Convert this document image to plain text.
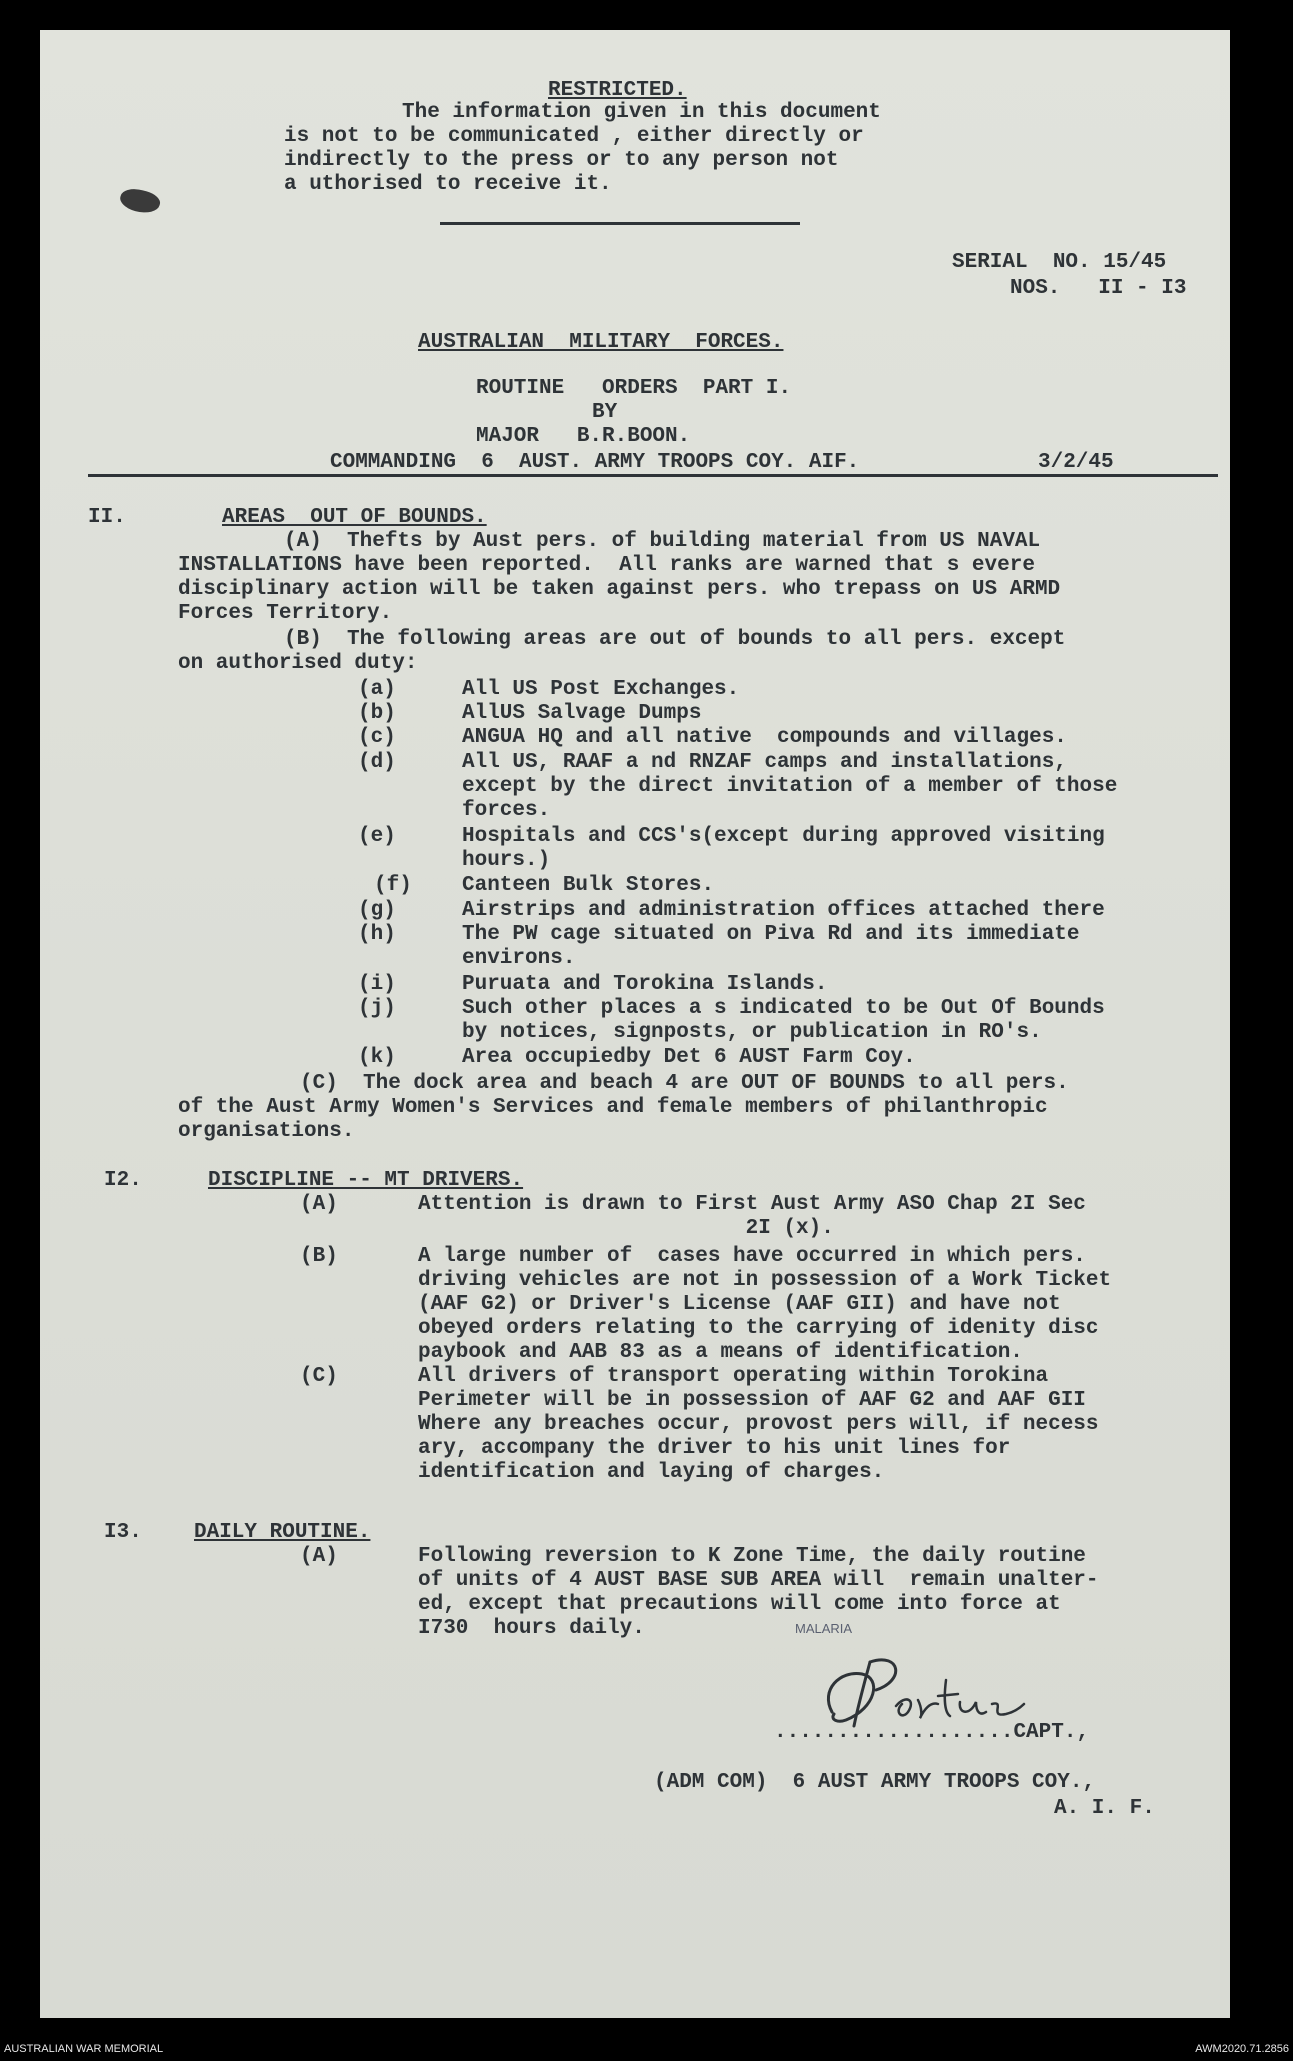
RESTRICTED.
The information given in this document
is not to be communicated , either directly or
indirectly to the press or to any person not
a uthorised to receive it.
SERIAL  NO. 15/45
NOS.   II - I3
AUSTRALIAN  MILITARY  FORCES.
ROUTINE   ORDERS  PART I.
BY
MAJOR   B.R.BOON.
COMMANDING  6  AUST. ARMY TROOPS COY. AIF.	3/2/45
II.	AREAS  OUT OF BOUNDS.
(A)  Thefts by Aust pers. of building material from US NAVAL
INSTALLATIONS have been reported.  All ranks are warned that s evere
disciplinary action will be taken against pers. who trepass on US ARMD
Forces Territory.
(B)  The following areas are out of bounds to all pers. except
on authorised duty:
(a)	All US Post Exchanges.
(b)	AllUS Salvage Dumps
(c)	ANGUA HQ and all native  compounds and villages.
(d)	All US, RAAF a nd RNZAF camps and installations,
except by the direct invitation of a member of those
forces.
(e)	Hospitals and CCS's(except during approved visiting
hours.)
(f) Canteen Bulk Stores.
(g)	Airstrips and administration offices attached there
(h)	The PW cage situated on Piva Rd and its immediate
environs.
(i)	Puruata and Torokina Islands.
(j)	Such other places a s indicated to be Out Of Bounds
by notices, signposts, or publication in RO's.
(k)	Area occupiedby Det 6 AUST Farm Coy.
(C)  The dock area and beach 4 are OUT OF BOUNDS to all pers.
of the Aust Army Women's Services and female members of philanthropic
organisations.
I2.	DISCIPLINE -- MT DRIVERS.
(A)	Attention is drawn to First Aust Army ASO Chap 2I Sec
2I (x).
(B)	A large number of  cases have occurred in which pers.
driving vehicles are not in possession of a Work Ticket
(AAF G2) or Driver's License (AAF GII) and have not
obeyed orders relating to the carrying of idenity disc
paybook and AAB 83 as a means of identification.
(C)	All drivers of transport operating within Torokina
Perimeter will be in possession of AAF G2 and AAF GII
Where any breaches occur, provost pers will, if necess
ary, accompany the driver to his unit lines for
identification and laying of charges.
I3. DAILY ROUTINE.
(A)	Following reversion to K Zone Time, the daily routine
of units of 4 AUST BASE SUB AREA will  remain unalter-
ed, except that precautions will come into force at
I730  hours daily.	MALARIA
...................CAPT.,
(ADM COM)  6 AUST ARMY TROOPS COY.,
A. I. F.
AUSTRALIAN WAR MEMORIAL	AWM2020.71.2856
